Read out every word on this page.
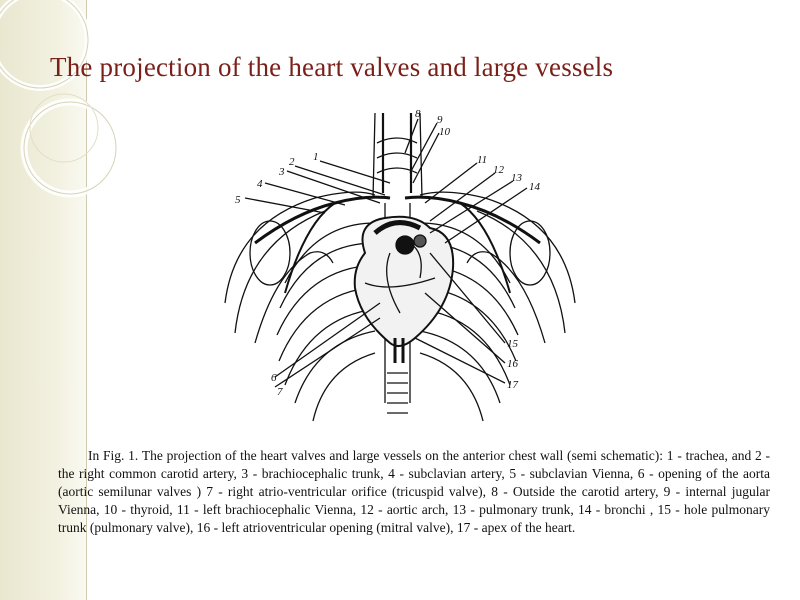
The projection of the heart valves and large vessels
1
2
3
4
5
6
7
8 9
10
11
12
13
14
15
16
17

In Fig. 1. The projection of the heart valves and large vessels on the anterior chest wall (semi schematic): 1 - trachea, and 2 - the right common carotid artery, 3 - brachiocephalic trunk, 4 - subclavian artery, 5 - subclavian Vienna, 6 - opening of the aorta (aortic semilunar valves ) 7 - right atrio-ventricular orifice (tricuspid valve), 8 - Outside the carotid artery, 9 - internal jugular Vienna, 10 - thyroid, 11 - left brachiocephalic Vienna, 12 - aortic arch, 13 - pulmonary trunk, 14 - bronchi , 15 - hole pulmonary trunk (pulmonary valve), 16 - left atrioventricular opening (mitral valve), 17 - apex of the heart.
